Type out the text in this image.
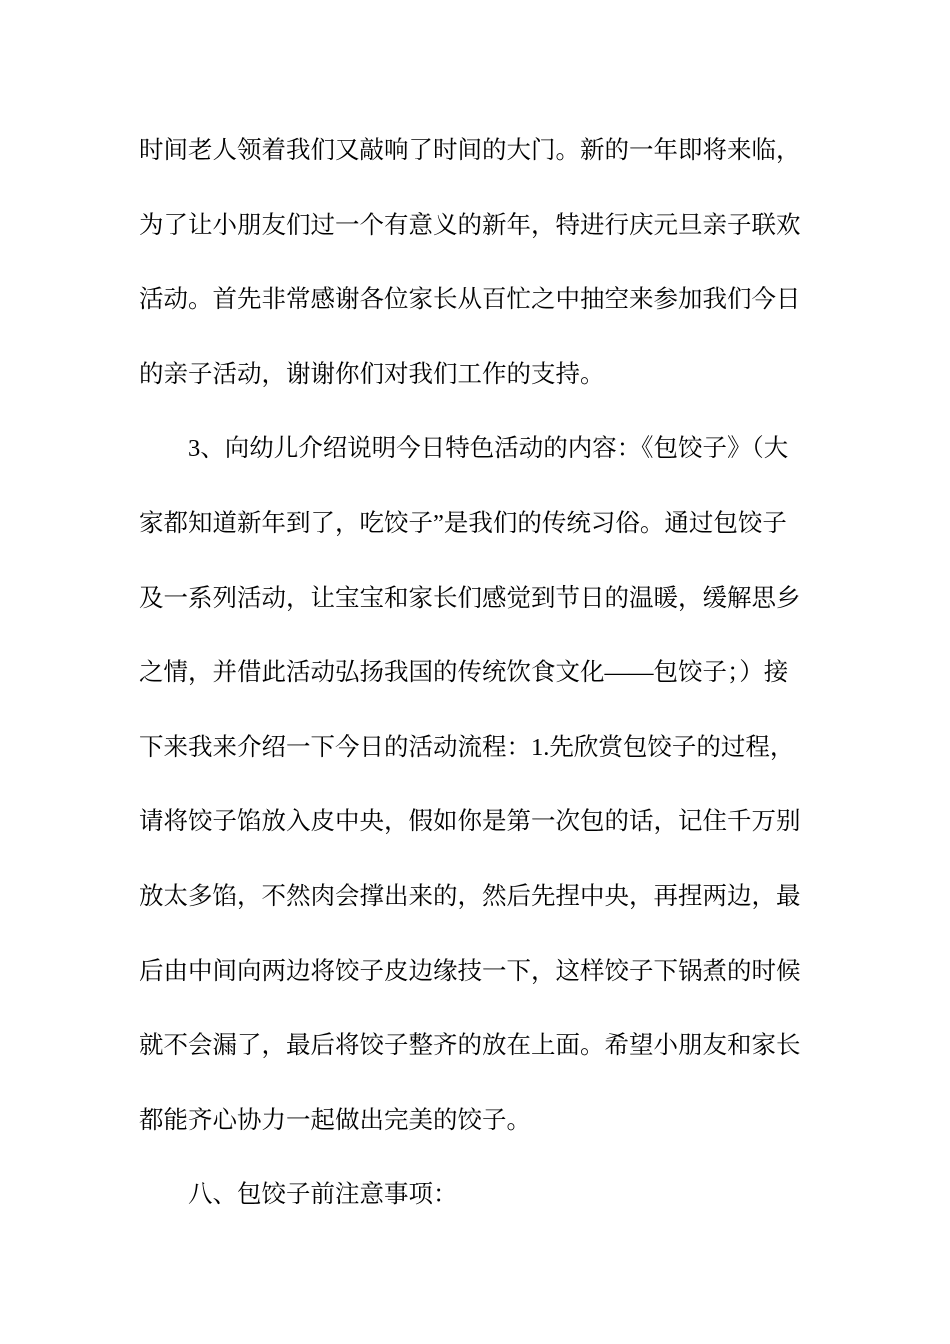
时间老人领着我们又敲响了时间的大门。新的一年即将来临，
为了让小朋友们过一个有意义的新年，特进行庆元旦亲子联欢
活动。首先非常感谢各位家长从百忙之中抽空来参加我们今日
的亲子活动，谢谢你们对我们工作的支持。
3、向幼儿介绍说明今日特色活动的内容：《包饺子》（大
家都知道新年到了，吃饺子”是我们的传统习俗。通过包饺子
及一系列活动，让宝宝和家长们感觉到节日的温暖，缓解思乡
之情，并借此活动弘扬我国的传统饮食文化——包饺子；）接
下来我来介绍一下今日的活动流程：1.先欣赏包饺子的过程，
请将饺子馅放入皮中央，假如你是第一次包的话，记住千万别
放太多馅，不然肉会撑出来的，然后先捏中央，再捏两边，最
后由中间向两边将饺子皮边缘技一下，这样饺子下锅煮的时候
就不会漏了，最后将饺子整齐的放在上面。希望小朋友和家长
都能齐心协力一起做出完美的饺子。
八、包饺子前注意事项：
